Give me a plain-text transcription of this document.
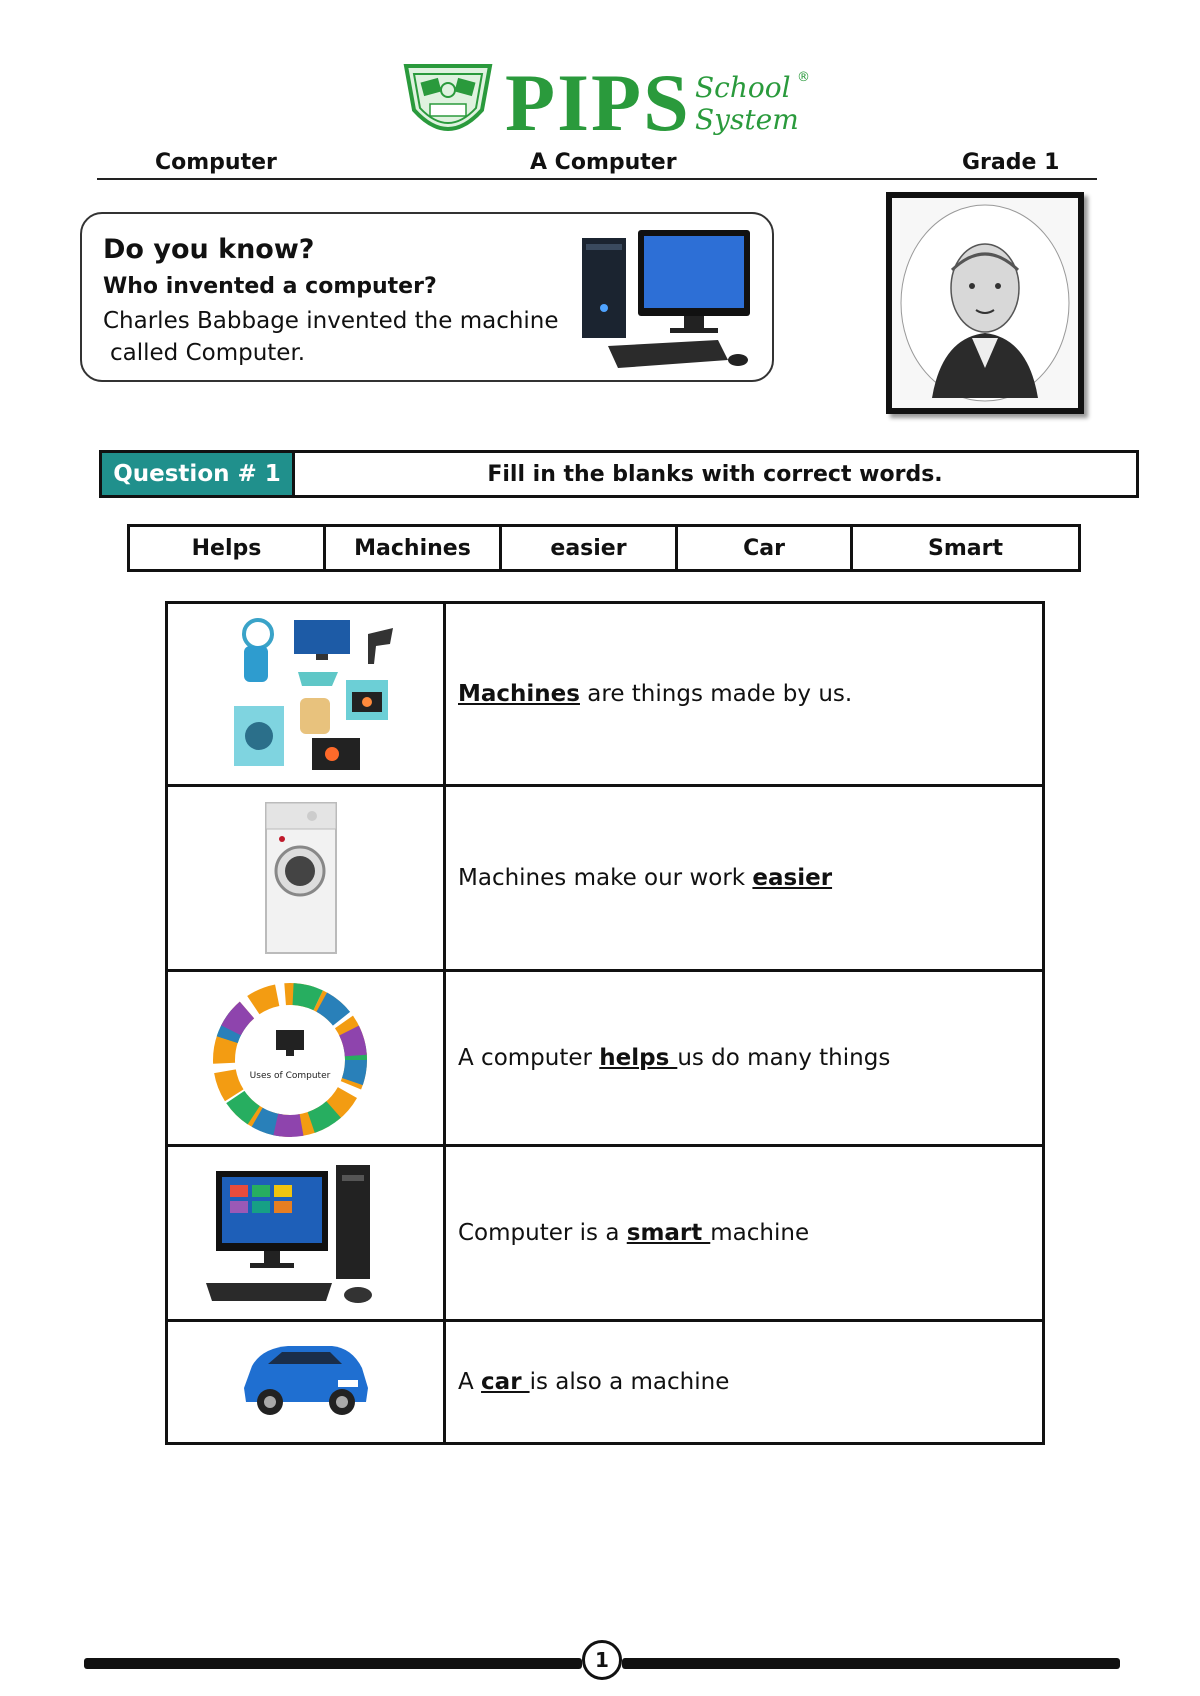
PIPS School
System
®
Computer	A Computer	Grade 1
Do you know?
Who invented a computer?
Charles Babbage invented the machine
called Computer.
Question # 1	Fill in the blanks with correct words.
Helps	Machines	easier	Car	Smart
Machines are things made by us.
Machines make our work easier
Uses of Computer
A computer helps us do many things
Computer is a smart machine
A car is also a machine
1
